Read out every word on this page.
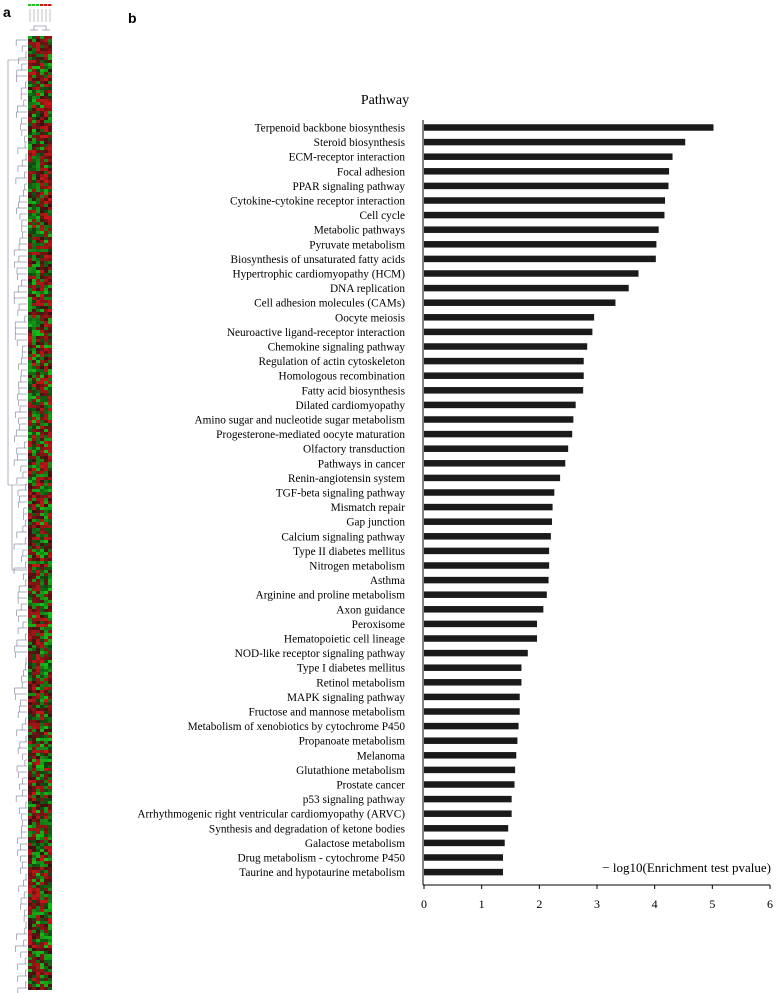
a	b
Pathway
Terpenoid backbone biosynthesis
Steroid biosynthesis
ECM-receptor interaction
Focal adhesion
PPAR signaling pathway
Cytokine-cytokine receptor interaction
Cell cycle
Metabolic pathways
Pyruvate metabolism
Biosynthesis of unsaturated fatty acids
Hypertrophic cardiomyopathy (HCM)
DNA replication
Cell adhesion molecules (CAMs)
Oocyte meiosis
Neuroactive ligand-receptor interaction
Chemokine signaling pathway
Regulation of actin cytoskeleton
Homologous recombination
Fatty acid biosynthesis
Dilated cardiomyopathy
Amino sugar and nucleotide sugar metabolism
Progesterone-mediated oocyte maturation
Olfactory transduction
Pathways in cancer
Renin-angiotensin system
TGF-beta signaling pathway
Mismatch repair
Gap junction
Calcium signaling pathway
Type II diabetes mellitus
Nitrogen metabolism
Asthma
Arginine and proline metabolism
Axon guidance
Peroxisome
Hematopoietic cell lineage
NOD-like receptor signaling pathway
Type I diabetes mellitus
Retinol metabolism
MAPK signaling pathway
Fructose and mannose metabolism
Metabolism of xenobiotics by cytochrome P450
Propanoate metabolism
Melanoma
Glutathione metabolism
Prostate cancer
p53 signaling pathway
Arrhythmogenic right ventricular cardiomyopathy (ARVC)
Synthesis and degradation of ketone bodies
Galactose metabolism
Drug metabolism - cytochrome P450
Taurine and hypotaurine metabolism
0	1	2	3	4	5	6
− log10(Enrichment test pvalue)
